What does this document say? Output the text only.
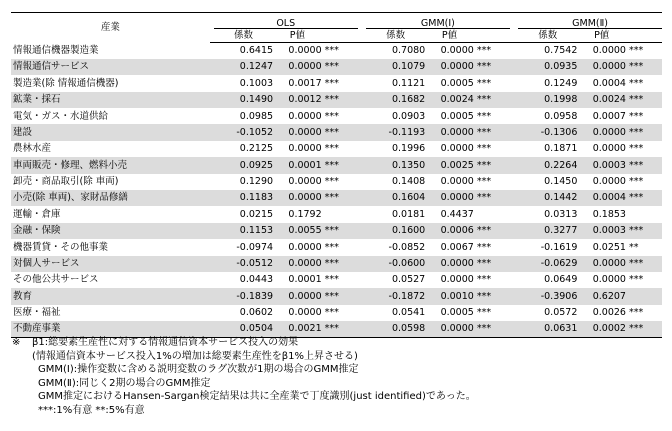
産業		OLS				GMM(Ⅰ)				GMM(Ⅱ)		
		係数	P値			係数	P値			係数	P値	
情報通信機器製造業		0.6415	0.0000	***		0.7080	0.0000	***		0.7542	0.0000	***
情報通信サービス		0.1247	0.0000	***		0.1079	0.0000	***		0.0935	0.0000	***
製造業(除 情報通信機器)		0.1003	0.0017	***		0.1121	0.0005	***		0.1249	0.0004	***
鉱業・採石		0.1490	0.0012	***		0.1682	0.0024	***		0.1998	0.0024	***
電気・ガス・水道供給		0.0985	0.0000	***		0.0903	0.0005	***		0.0958	0.0007	***
建設		-0.1052	0.0000	***		-0.1193	0.0000	***		-0.1306	0.0000	***
農林水産		0.2125	0.0000	***		0.1996	0.0000	***		0.1871	0.0000	***
車両販売・修理、燃料小売		0.0925	0.0001	***		0.1350	0.0025	***		0.2264	0.0003	***
卸売・商品取引(除 車両)		0.1290	0.0000	***		0.1408	0.0000	***		0.1450	0.0000	***
小売(除 車両)、家財品修繕		0.1183	0.0000	***		0.1604	0.0000	***		0.1442	0.0004	***
運輸・倉庫		0.0215	0.1792			0.0181	0.4437			0.0313	0.1853	
金融・保険		0.1153	0.0055	***		0.1600	0.0006	***		0.3277	0.0003	***
機器賃貸・その他事業		-0.0974	0.0000	***		-0.0852	0.0067	***		-0.1619	0.0251	**
対個人サービス		-0.0512	0.0000	***		-0.0600	0.0000	***		-0.0629	0.0000	***
その他公共サービス		0.0443	0.0001	***		0.0527	0.0000	***		0.0649	0.0000	***
教育		-0.1839	0.0000	***		-0.1872	0.0010	***		-0.3906	0.6207	
医療・福祉		0.0602	0.0000	***		0.0541	0.0005	***		0.0572	0.0026	***
不動産事業		0.0504	0.0021	***		0.0598	0.0000	***		0.0631	0.0002	***
※ β1:総要素生産性に対する情報通信資本サービス投入の効果
(情報通信資本サービス投入1%の増加は総要素生産性をβ1%上昇させる)
GMM(Ⅰ):操作変数に含める説明変数のラグ次数が1期の場合のGMM推定
GMM(Ⅱ):同じく2期の場合のGMM推定
GMM推定におけるHansen-Sargan検定結果は共に全産業で丁度識別(just identified)であった。
***:1%有意 **:5%有意
